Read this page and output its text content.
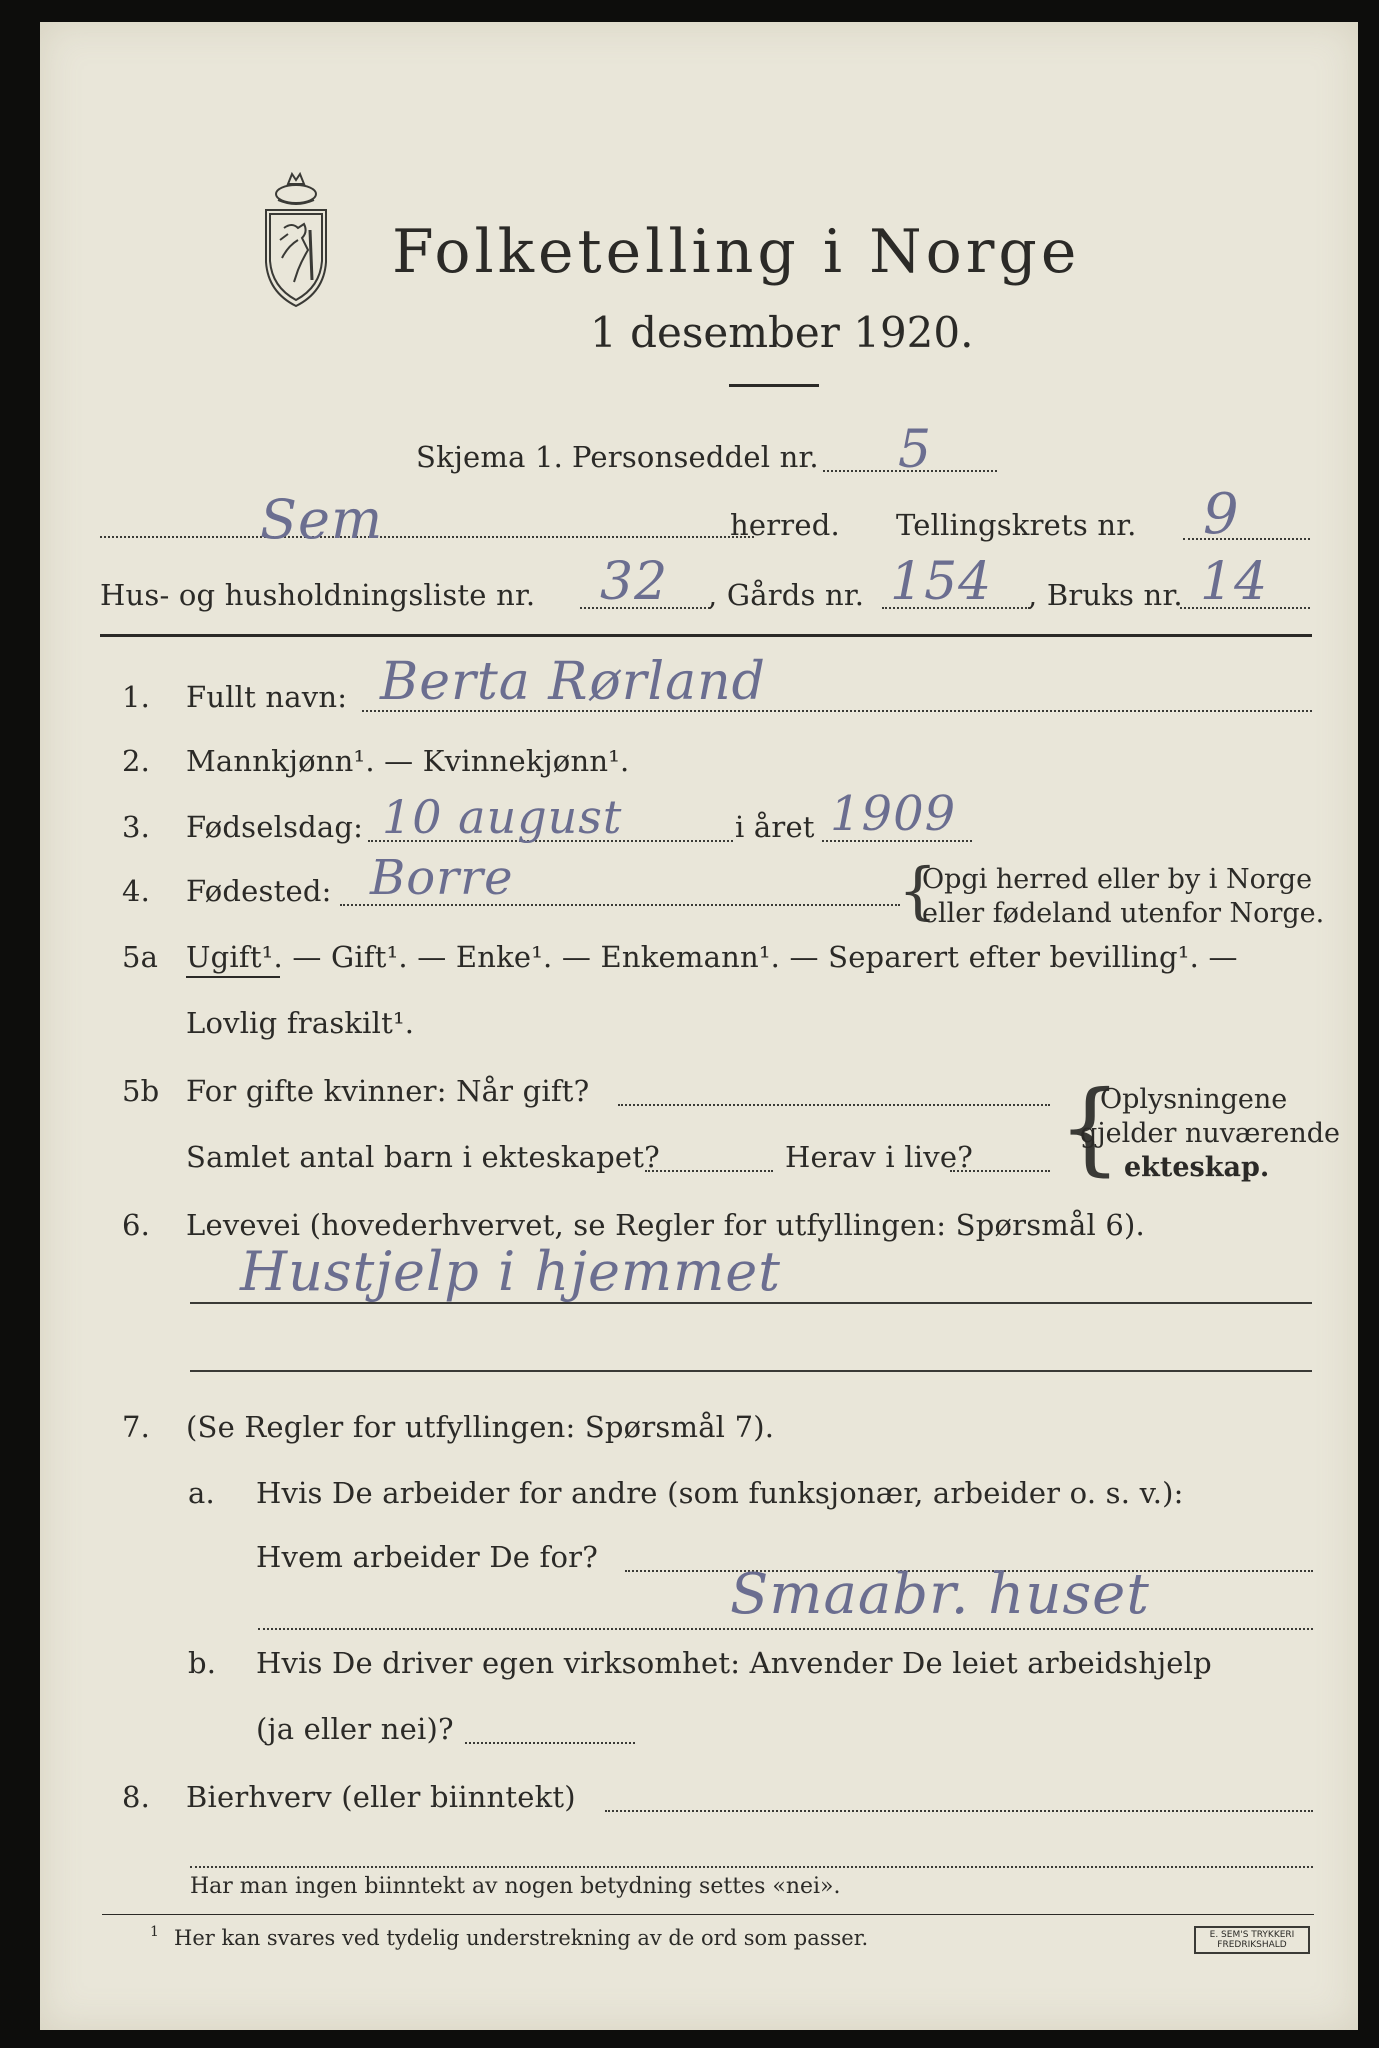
Folketelling i Norge
1 desember 1920.
Skjema 1. Personseddel nr. 5
Sem	herred. Tellingskrets nr. 9
Hus- og husholdningsliste nr. 32 , Gårds nr. 154 , Bruks nr. 14
1. Fullt navn: Berta Rørland
2. Mannkjønn¹. — Kvinnekjønn¹.
3. Fødselsdag: 10 august	i året 1909
4. Fødested: Borre	{
Opgi herred eller by i Norge
eller fødeland utenfor Norge.
5a Ugift¹. — Gift¹. — Enke¹. — Enkemann¹. — Separert efter bevilling¹. —
Lovlig fraskilt¹.
5b For gifte kvinner: Når gift?
Samlet antal barn i ekteskapet?	Herav i live? {
Oplysningene
gjelder nuværende
ekteskap.
6. Levevei (hovederhvervet, se Regler for utfyllingen: Spørsmål 6).
Hustjelp i hjemmet
7. (Se Regler for utfyllingen: Spørsmål 7).
a. Hvis De arbeider for andre (som funksjonær, arbeider o. s. v.):
Hvem arbeider De for?
Smaabr. huset
b. Hvis De driver egen virksomhet: Anvender De leiet arbeidshjelp
(ja eller nei)?
8. Bierhverv (eller biinntekt)
Har man ingen biinntekt av nogen betydning settes «nei».
1 Her kan svares ved tydelig understrekning av de ord som passer.	E. SEM'S TRYKKERI
FREDRIKSHALD
